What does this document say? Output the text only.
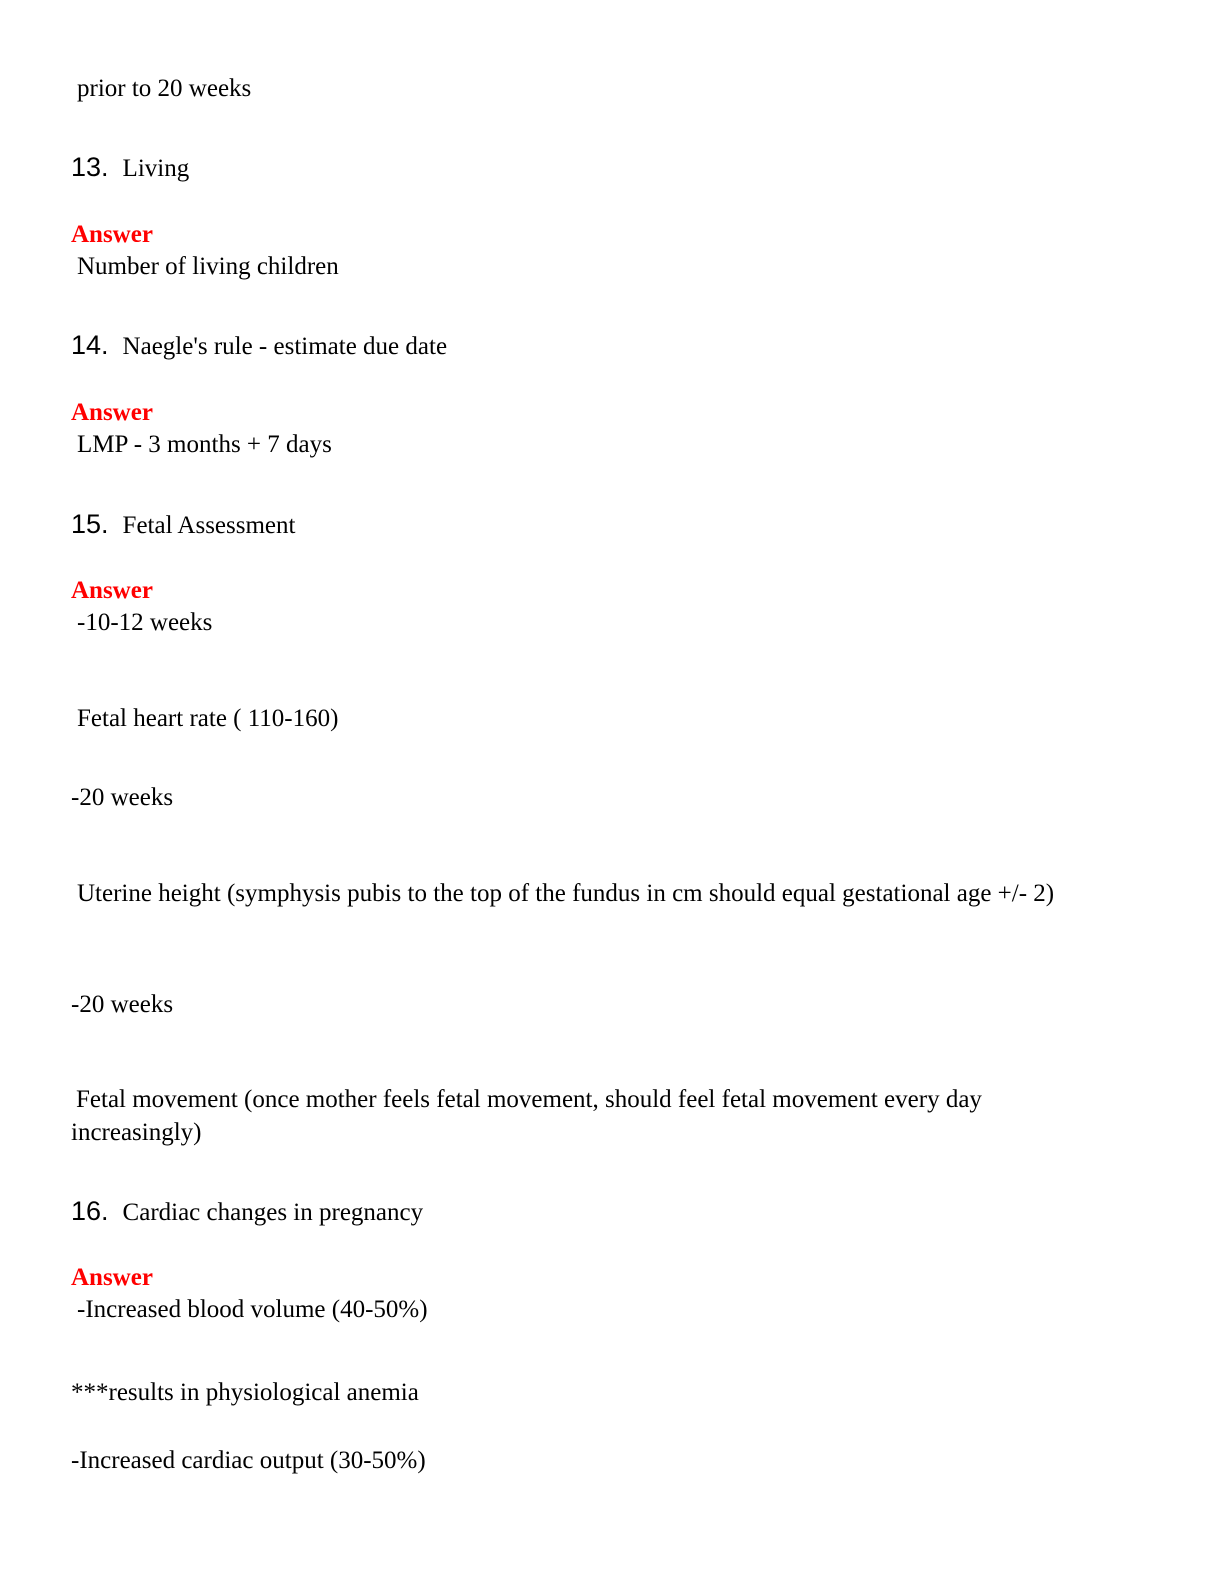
prior to 20 weeks
13. Living
Answer
Number of living children
14. Naegle's rule - estimate due date
Answer
LMP - 3 months + 7 days
15. Fetal Assessment
Answer
-10-12 weeks
Fetal heart rate ( 110-160)
-20 weeks
Uterine height (symphysis pubis to the top of the fundus in cm should equal gestational age +/- 2)
-20 weeks
Fetal movement (once mother feels fetal movement, should feel fetal movement every day increasingly)
16. Cardiac changes in pregnancy
Answer
-Increased blood volume (40-50%)
***results in physiological anemia
-Increased cardiac output (30-50%)
